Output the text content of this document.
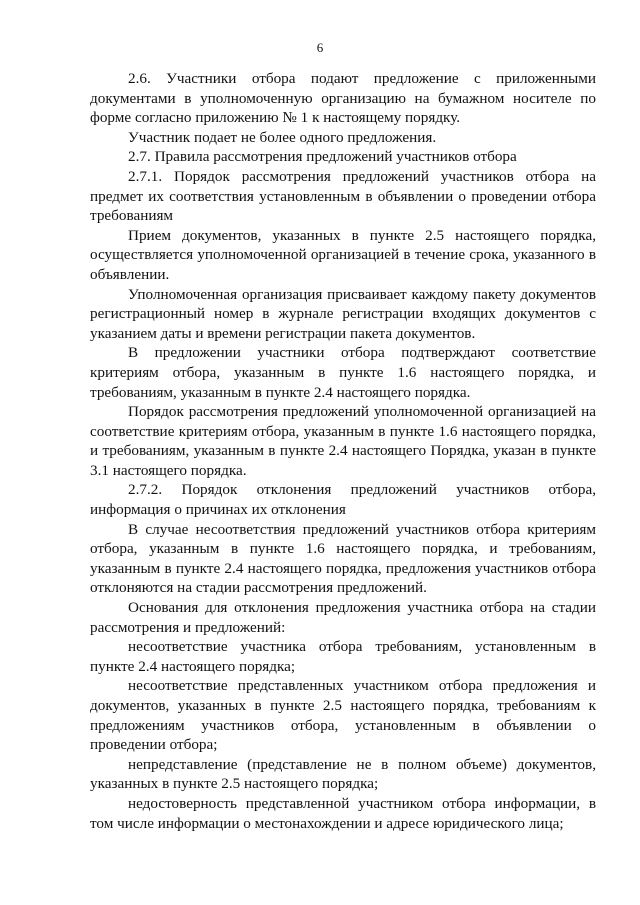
6

2.6. Участники отбора подают предложение с приложенными документами в уполномоченную организацию на бумажном носителе по форме согласно приложению № 1 к настоящему порядку.

Участник подает не более одного предложения.

2.7. Правила рассмотрения предложений участников отбора

2.7.1. Порядок рассмотрения предложений участников отбора на предмет их соответствия установленным в объявлении о проведении отбора требованиям

Прием документов, указанных в пункте 2.5 настоящего порядка, осуществляется уполномоченной организацией в течение срока, указанного в объявлении.

Уполномоченная организация присваивает каждому пакету документов регистрационный номер в журнале регистрации входящих документов с указанием даты и времени регистрации пакета документов.

В предложении участники отбора подтверждают соответствие критериям отбора, указанным в пункте 1.6 настоящего порядка, и требованиям, указанным в пункте 2.4 настоящего порядка.

Порядок рассмотрения предложений уполномоченной организацией на соответствие критериям отбора, указанным в пункте 1.6 настоящего порядка, и требованиям, указанным в пункте 2.4 настоящего Порядка, указан в пункте 3.1 настоящего порядка.

2.7.2. Порядок отклонения предложений участников отбора, информация о причинах их отклонения

В случае несоответствия предложений участников отбора критериям отбора, указанным в пункте 1.6 настоящего порядка, и требованиям, указанным в пункте 2.4 настоящего порядка, предложения участников отбора отклоняются на стадии рассмотрения предложений.

Основания для отклонения предложения участника отбора на стадии рассмотрения и предложений:

несоответствие участника отбора требованиям, установленным в пункте 2.4 настоящего порядка;

несоответствие представленных участником отбора предложения и документов, указанных в пункте 2.5 настоящего порядка, требованиям к предложениям участников отбора, установленным в объявлении о проведении отбора;

непредставление (представление не в полном объеме) документов, указанных в пункте 2.5 настоящего порядка;

недостоверность представленной участником отбора информации, в том числе информации о местонахождении и адресе юридического лица;
